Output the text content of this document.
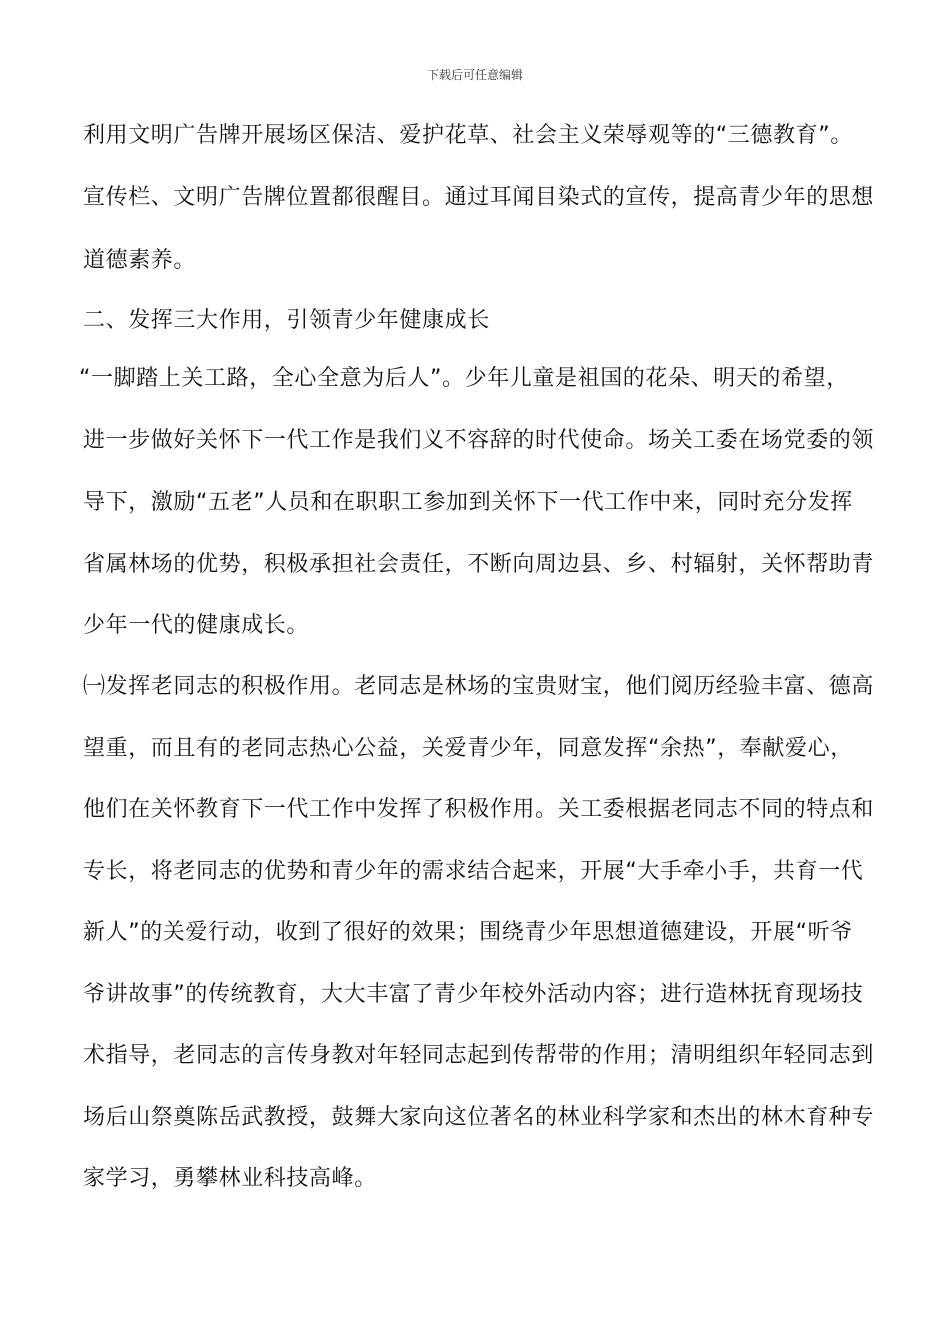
下载后可任意编辑
利用文明广告牌开展场区保洁、爱护花草、社会主义荣辱观等的“三德教育”。
宣传栏、文明广告牌位置都很醒目。通过耳闻目染式的宣传，提高青少年的思想
道德素养。
二、发挥三大作用，引领青少年健康成长
“一脚踏上关工路，全心全意为后人”。少年儿童是祖国的花朵、明天的希望，
进一步做好关怀下一代工作是我们义不容辞的时代使命。场关工委在场党委的领
导下，激励“五老”人员和在职职工参加到关怀下一代工作中来，同时充分发挥
省属林场的优势，积极承担社会责任，不断向周边县、乡、村辐射，关怀帮助青
少年一代的健康成长。
㈠发挥老同志的积极作用。老同志是林场的宝贵财宝，他们阅历经验丰富、德高
望重，而且有的老同志热心公益，关爱青少年，同意发挥“余热”，奉献爱心，
他们在关怀教育下一代工作中发挥了积极作用。关工委根据老同志不同的特点和
专长，将老同志的优势和青少年的需求结合起来，开展“大手牵小手，共育一代
新人”的关爱行动，收到了很好的效果；围绕青少年思想道德建设，开展“听爷
爷讲故事”的传统教育，大大丰富了青少年校外活动内容；进行造林抚育现场技
术指导，老同志的言传身教对年轻同志起到传帮带的作用；清明组织年轻同志到
场后山祭奠陈岳武教授，鼓舞大家向这位著名的林业科学家和杰出的林木育种专
家学习，勇攀林业科技高峰。
